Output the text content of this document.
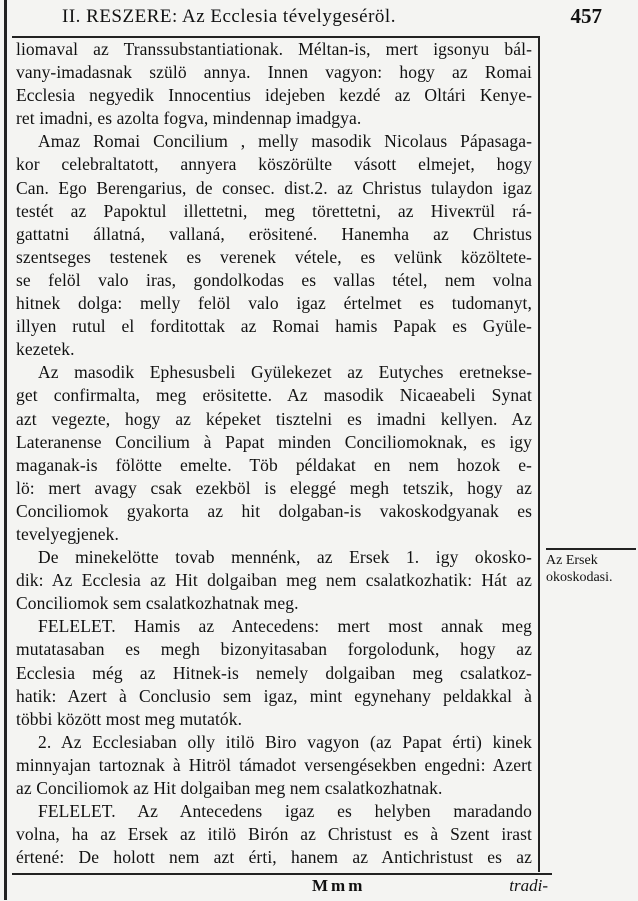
II. RESZERE: Az Ecclesia tévelygeséröl.	457
liomaval az Transsubstantiationak. Méltan-is, mert igsonyu bál-
vany-imadasnak szülö annya. Innen vagyon: hogy az Romai
Ecclesia negyedik Innocentius idejeben kezdé az Oltári Kenye-
ret imadni, es azolta fogva, mindennap imadgya.
Amaz Romai Concilium , melly masodik Nicolaus Pápasaga-
kor celebraltatott, annyera köszörülte vásott elmejet, hogy
Can. Ego Berengarius, de consec. dist.2. az Christus tulaydon igaz
testét az Papoktul illettetni, meg törettetni, az Hiveктül rá-
gattatni állatná, vallaná, erösitené. Hanemha az Christus
szentseges testenek es verenek vétele, es velünk közöltete-
se felöl valo iras, gondolkodas es vallas tétel, nem volna
hitnek dolga: melly felöl valo igaz értelmet es tudomanyt,
illyen rutul el forditottak az Romai hamis Papak es Gyüle-
kezetek.
Az masodik Ephesusbeli Gyülekezet az Eutyches eretnekse-
get confirmalta, meg erösitette. Az masodik Nicaeabeli Synat
azt vegezte, hogy az képeket tisztelni es imadni kellyen. Az
Lateranense Concilium à Papat minden Conciliomoknak, es igy
maganak-is fölötte emelte. Töb példakat en nem hozok e-
lö: mert avagy csak ezekböl is eleggé megh tetszik, hogy az
Conciliomok gyakorta az hit dolgaban-is vakoskodgyanak es
tevelyegjenek.
De minekelötte tovab mennénk, az Ersek 1. igy okosko-
dik: Az Ecclesia az Hit dolgaiban meg nem csalatkozhatik: Hát az
Conciliomok sem csalatkozhatnak meg.
FELELET. Hamis az Antecedens: mert most annak meg
mutatasaban es megh bizonyitasaban forgolodunk, hogy az
Ecclesia még az Hitnek-is nemely dolgaiban meg csalatkoz-
hatik: Azert à Conclusio sem igaz, mint egynehany peldakkal à
többi között most meg mutatók.
2. Az Ecclesiaban olly itilö Biro vagyon (az Papat érti) kinek
minnyajan tartoznak à Hitröl támadot versengésekben engedni: Azert
az Conciliomok az Hit dolgaiban meg nem csalatkozhatnak.
FELELET. Az Antecedens igaz es helyben maradando
volna, ha az Ersek az itilö Birón az Christust es à Szent irast
értené: De holott nem azt érti, hanem az Antichristust es az
Az Ersek
okoskodasi.
Mmm	tradi-
